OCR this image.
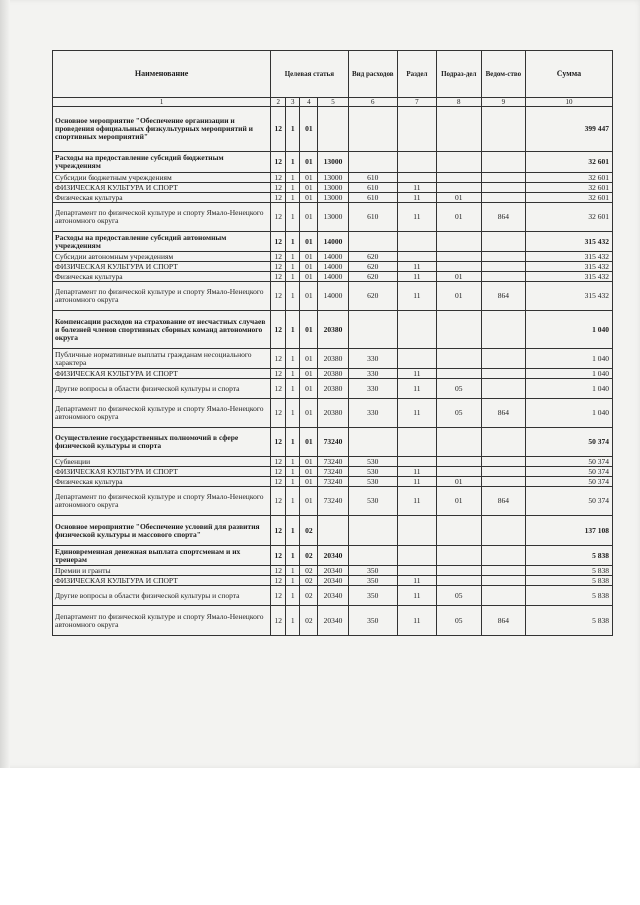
Наименование	Целевая статья				Вид расходов	Раздел	Подраз-дел	Ведом-ство	Сумма
1	2	3	4	5	6	7	8	9	10
Основное мероприятие "Обеспечение организации и проведения официальных физкультурных мероприятий и спортивных мероприятий"	12	1	01						399 447
Расходы на предоставление субсидий бюджетным учреждениям	12	1	01	13000					32 601
Субсидии бюджетным учреждениям	12	1	01	13000	610				32 601
ФИЗИЧЕСКАЯ КУЛЬТУРА И СПОРТ	12	1	01	13000	610	11			32 601
Физическая культура	12	1	01	13000	610	11	01		32 601
Департамент по физической культуре и спорту Ямало-Ненецкого автономного округа	12	1	01	13000	610	11	01	864	32 601
Расходы на предоставление субсидий автономным учреждениям	12	1	01	14000					315 432
Субсидии автономным учреждениям	12	1	01	14000	620				315 432
ФИЗИЧЕСКАЯ КУЛЬТУРА И СПОРТ	12	1	01	14000	620	11			315 432
Физическая культура	12	1	01	14000	620	11	01		315 432
Департамент по физической культуре и спорту Ямало-Ненецкого автономного округа	12	1	01	14000	620	11	01	864	315 432
Компенсации расходов на страхование от несчастных случаев и болезней членов спортивных сборных команд автономного округа	12	1	01	20380					1 040
Публичные нормативные выплаты гражданам несоциального характера	12	1	01	20380	330				1 040
ФИЗИЧЕСКАЯ КУЛЬТУРА И СПОРТ	12	1	01	20380	330	11			1 040
Другие вопросы в области физической культуры и спорта	12	1	01	20380	330	11	05		1 040
Департамент по физической культуре и спорту Ямало-Ненецкого автономного округа	12	1	01	20380	330	11	05	864	1 040
Осуществление государственных полномочий в сфере физической культуры и спорта	12	1	01	73240					50 374
Субвенции	12	1	01	73240	530				50 374
ФИЗИЧЕСКАЯ КУЛЬТУРА И СПОРТ	12	1	01	73240	530	11			50 374
Физическая культура	12	1	01	73240	530	11	01		50 374
Департамент по физической культуре и спорту Ямало-Ненецкого автономного округа	12	1	01	73240	530	11	01	864	50 374
Основное мероприятие "Обеспечение условий для развития физической культуры и массового спорта"	12	1	02						137 108
Единовременная денежная выплата спортсменам и их тренерам	12	1	02	20340					5 838
Премии и гранты	12	1	02	20340	350				5 838
ФИЗИЧЕСКАЯ КУЛЬТУРА И СПОРТ	12	1	02	20340	350	11			5 838
Другие вопросы в области физической культуры и спорта	12	1	02	20340	350	11	05		5 838
Департамент по физической культуре и спорту Ямало-Ненецкого автономного округа	12	1	02	20340	350	11	05	864	5 838
